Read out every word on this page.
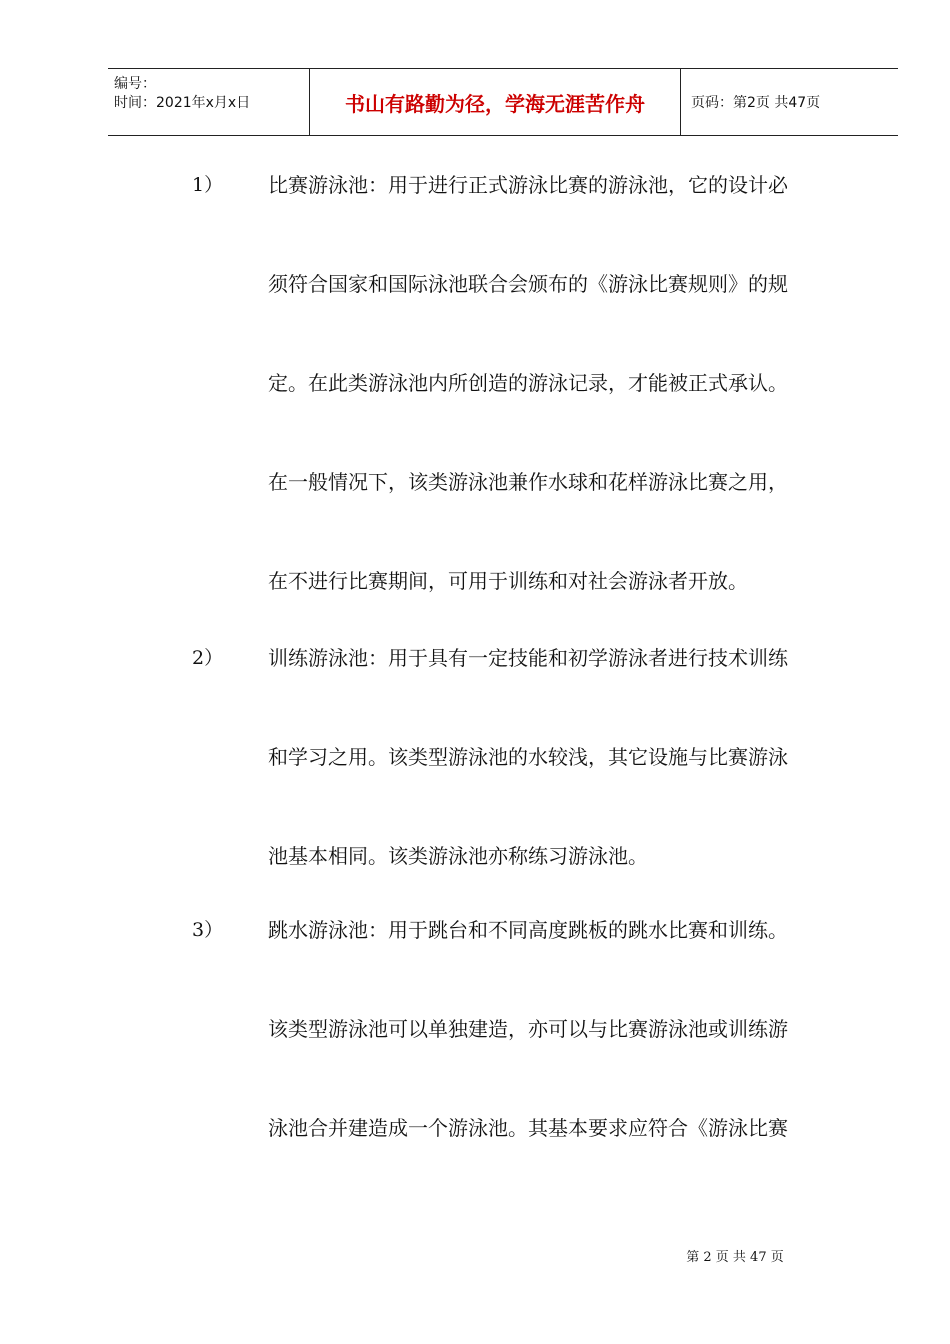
编号：
时间：2021年x月x日	书山有路勤为径，学海无涯苦作舟	页码：第2页 共47页
1） 比赛游泳池：用于进行正式游泳比赛的游泳池，它的设计必
须符合国家和国际泳池联合会颁布的《游泳比赛规则》的规
定。在此类游泳池内所创造的游泳记录，才能被正式承认。
在一般情况下，该类游泳池兼作水球和花样游泳比赛之用，
在不进行比赛期间，可用于训练和对社会游泳者开放。
2） 训练游泳池：用于具有一定技能和初学游泳者进行技术训练
和学习之用。该类型游泳池的水较浅，其它设施与比赛游泳
池基本相同。该类游泳池亦称练习游泳池。
3） 跳水游泳池：用于跳台和不同高度跳板的跳水比赛和训练。
该类型游泳池可以单独建造，亦可以与比赛游泳池或训练游
泳池合并建造成一个游泳池。其基本要求应符合《游泳比赛
第 2 页 共 47 页
